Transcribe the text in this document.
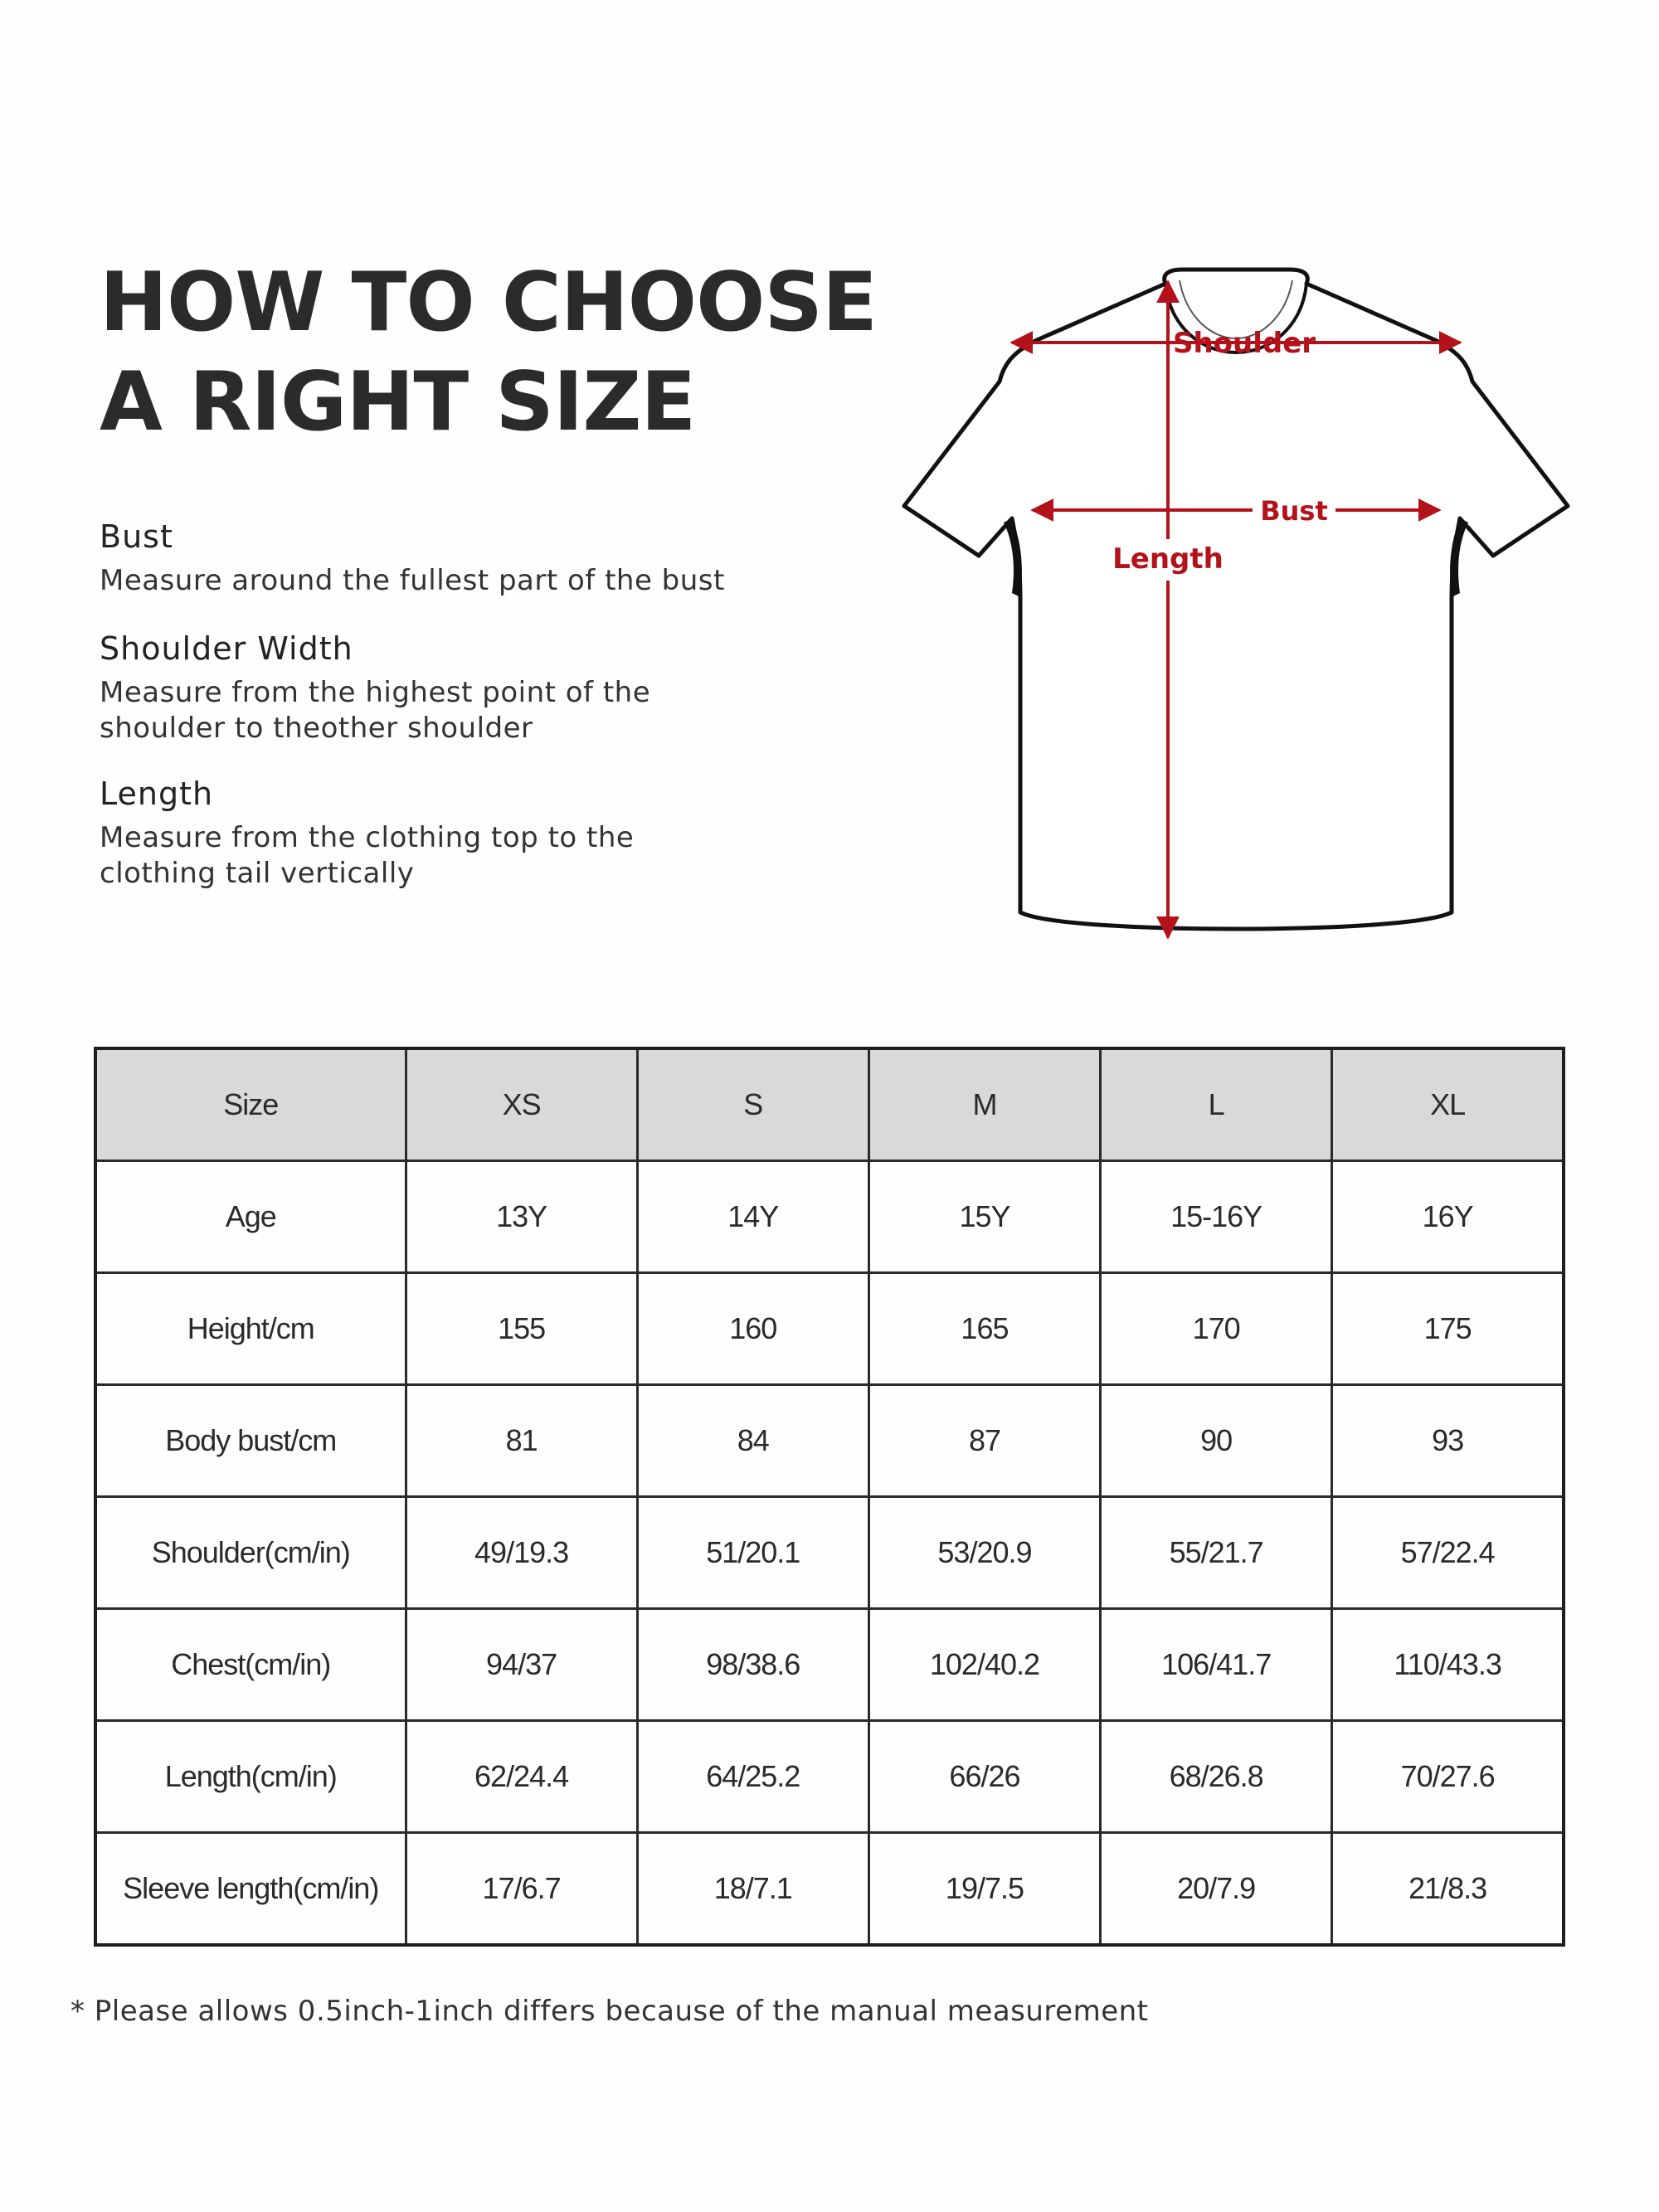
HOW TO CHOOSE
A RIGHT SIZE
Bust

Measure around the fullest part of the bust

Shoulder Width

Measure from the highest point of the
shoulder to theother shoulder

Length

Measure from the clothing top to the
clothing tail vertically

Shoulder
Bust
Length
Size	XS	S	M	L	XL
Age	13Y	14Y	15Y	15-16Y	16Y
Height/cm	155	160	165	170	175
Body bust/cm	81	84	87	90	93
Shoulder(cm/in)	49/19.3	51/20.1	53/20.9	55/21.7	57/22.4
Chest(cm/in)	94/37	98/38.6	102/40.2	106/41.7	110/43.3
Length(cm/in)	62/24.4	64/25.2	66/26	68/26.8	70/27.6
Sleeve length(cm/in)	17/6.7	18/7.1	19/7.5	20/7.9	21/8.3
* Please allows 0.5inch-1inch differs because of the manual measurement
